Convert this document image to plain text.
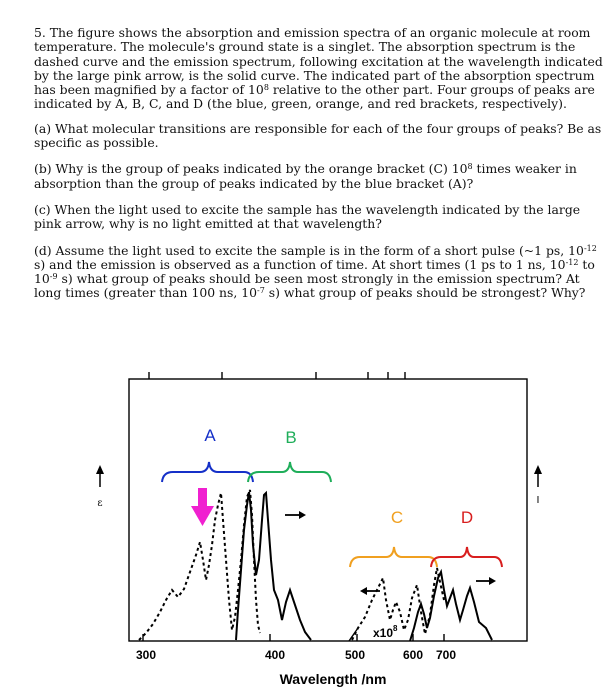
5. The figure shows the absorption and emission spectra of an organic molecule at room temperature. The molecule's ground state is a singlet. The absorption spectrum is the dashed curve and the emission spectrum, following excitation at the wavelength indicated by the large pink arrow, is the solid curve. The indicated part of the absorption spectrum has been magnified by a factor of $10^8$ relative to the other part. Four groups of peaks are indicated by A, B, C, and D (the blue, green, orange, and red brackets, respectively).

(a) What molecular transitions are responsible for each of the four groups of peaks? Be as specific as possible.

(b) Why is the group of peaks indicated by the orange bracket (C) $10^8$ times weaker in absorption than the group of peaks indicated by the blue bracket (A)?

(c) When the light used to excite the sample has the wavelength indicated by the large pink arrow, why is no light emitted at that wavelength?

(d) Assume the light used to excite the sample is in the form of a short pulse (~1 ps, $10^{-12}$ s) and the emission is observed as a function of time. At short times (1 ps to 1 ns, $10^{-12}$ to $10^{-9}$ s) what group of peaks should be seen most strongly in the emission spectrum? At long times (greater than 100 ns, $10^{-7}$ s) what group of peaks should be strongest? Why?

300	400	500	600 700
Wavelength /nm
ε	I
$x10^8$
A	B
C	D
